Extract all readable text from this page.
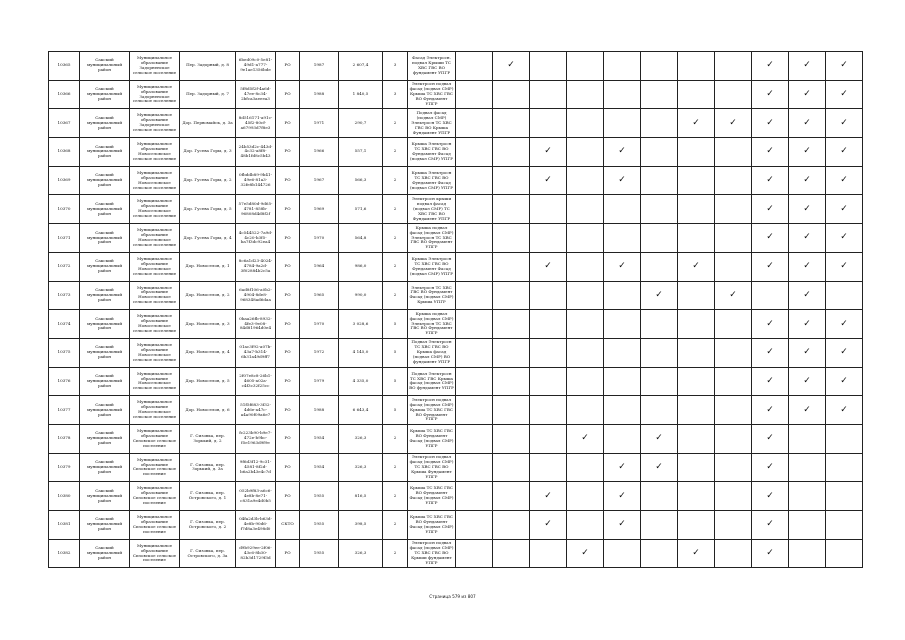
10365	Сакский муниципальный район	Муниципальное образование Задорненское сельское поселение	Пер. Задорный, д. 8	6bed09c0-5e81-49d1-a777-9e1ae1356bde	РО	1987	2 607,4	3	Фасад Электросн. подвал Крыши ТС ХВС ГВС ВО фундамент УПГР		✓							✓	✓	✓
10366	Сакский муниципальный район	Муниципальное образование Задорненское сельское поселение	Пер. Задорный, д. 7	5f8d5f2f-4a6d-47ee-8c34-2bfca3aeeea3	РО	1988	1 840,5	3	Электросн подвал фасад (подвал СМР) Крыша ТС ХВС ГВС ВО Фундамент УПГР									✓	✓	✓
10367	Сакский муниципальный район	Муниципальное образование Задорненское сельское поселение	Дор. Первомайск, д. 3а	8d516171-a91c-45f2-80cf-a67993d7f8e3	РО	1971	290,7	2	Подвал фасад (подвал СМР) Электросн ТС ХВС ГВС ВО Крыша Фундамент УПГР							✓	✓	✓	✓	✓
10368	Сакский муниципальный район	Муниципальное образование Новоселовское сельское поселение	Дор. Гусева Горы, д. 3	24b53d2c-443d-4c32-a8f8-48b1fd8c5b43	РО	1966	557,1	2	Крыша Электросн ТС ХВС ГВС ВО Фундамент Фасад (подвал СМР) УПГР			✓		✓				✓	✓	✓
10369	Сакский муниципальный район	Муниципальное образование Новоселовское сельское поселение	Дор. Гусева Горы, д. 2	0fbddb89-9b41-49e6-81a3-32fe8b144726	РО	1967	566,3	2	Крыша Электросн ТС ХВС ГВС ВО Фундамент Фасад (подвал СМР) УПГР			✓		✓				✓	✓	✓
10370	Сакский муниципальный район	Муниципальное образование Новоселовское сельское поселение	Дор. Гусева Горы, д. 5	57e5d80d-9d65-4781-858b-96808d4d8f2f	РО	1969	571,6	2	Электросн крыши подвал фасад (подвал СМР) ТС ХВС ГВС ВО Фундамент УПГР									✓	✓	✓
10371	Сакский муниципальный район	Муниципальное образование Новоселовское сельское поселение	Дор. Гусева Горы, д. 4	4c544522-7a9d-4c20-b3f5-ba7f3dc92ea4	РО	1970	564,8	2	Крыша подвал фасад (подвал СМР) Электросн ТС ХВС ГВС ВО Фундамент УПГР									✓	✓	✓
10372	Сакский муниципальный район	Муниципальное образование Новоселовское сельское поселение	Дор. Новоселов, д. 1	8c6a1d23-4024-4784-9a2d-3f02884b2c5a	РО	1964	986,0	2	Крыша Электросн ТС ХВС ГВС ВО Фундамент Фасад (подвал СМР) УПГР			✓		✓		✓		✓	✓	✓
10373	Сакский муниципальный район	Муниципальное образование Новоселовское сельское поселение	Дор. Новоселов, д. 2	6ad8f106-a0b2-4904-8de8-968348ad6daa	РО	1965	990,0	2	Электросн ТС ХВС ГВС ВО Фундамент Фасад (подвал СМР) Крыша УПГР						✓		✓		✓	
10374	Сакский муниципальный район	Муниципальное образование Новоселовское сельское поселение	Дор. Новоселов, д. 3	0baa26fb-8932-4fe3-9e08-84d81964d0e4	РО	1970	3 028,6	5	Крыша подвал фасад (подвал СМР) Электросн ТС ХВС ГВС ВО Фундамент УПГР									✓	✓	✓
10375	Сакский муниципальный район	Муниципальное образование Новоселовское сельское поселение	Дор. Новоселов, д. 4	01ac3f92-a07b-43a7-b314-6b31a49d9ff7	РО	1972	4 145,0	5	Подвал Электросн ТС ХВС ГВС ВО Крыша фасад (подвал СМР) ВО фундамент УПГР									✓	✓	✓
10376	Сакский муниципальный район	Муниципальное образование Новоселовское сельское поселение	Дор. Новоселов, д. 5	2f07e8c8-26b1-4605-a02a-c4f3c32f25cc	РО	1979	4 335,0	5	Подвал Электросн ТС ХВС ГВС Крыша фасад (подвал СМР) ВО фундамент УПГР									✓	✓	✓
10377	Сакский муниципальный район	Муниципальное образование Новоселовское сельское поселение	Дор. Новоселов, д. 6	51f5f683-3f32-4d6e-a47c-a4a90f09a6e7	РО	1988	6 643,4	5	Электросн подвал фасад (подвал СМР) Крыша ТС ХВС ГВС ВО Фундамент УПГР									✓	✓	✓
10378	Сакский муниципальный район	Муниципальное образование Сизовское сельское поселение	Г. Сизовка, пер. Зорький, д. 2	fc223b90-b9e7-472e-b9bc-f5e1963d9f9e	РО	1954	326,3	2	Крыша ТС ХВС ГВС ВО Фундамент Фасад (подвал СМР) УПГР				✓		✓			✓		
10379	Сакский муниципальный район	Муниципальное образование Сизовское сельское поселение	Г. Сизовка, пер. Зорький, д. 3а	9f6d3f12-9c31-4581-8f2d-b6a2b43e4c7d	РО	1954	326,3	2	Электросн подвал фасад (подвал СМР) ТС ХВС ГВС ВО Крыша Фундамент УПГР					✓	✓			✓		
10380	Сакский муниципальный район	Муниципальное образование Сизовское сельское поселение	Г. Сизовка, пер. Островского, д. 1	052b9f83-a6c6-4e8b-8e71-c831a9e4d0b5	РО	1955	816,5	2	Крыша ТС ХВС ГВС ВО Фундамент Фасад (подвал СМР) УПГР			✓		✓				✓		
10381	Сакский муниципальный район	Муниципальное образование Сизовское сельское поселение	Г. Сизовка, пер. Островского, д. 2	04fa2d3b-b63d-4e8b-90d6-f7d8a3e498d0	СКТО	1955	398,5	2	Крыша ТС ХВС ГВС ВО Фундамент Фасад (подвал СМР) УПГР			✓		✓				✓		
10382	Сакский муниципальный район	Муниципальное образование Сизовское сельское поселение	Г. Сизовка, пер. Островского, д. 3а	d9b929ee-2f06-43c6-8b30-82b3d1729f3d	РО	1955	326,3	2	Электросн подвал фасад (подвал СМР) ТС ХВС ГВС ВО Крыши фундамент УПГР				✓			✓		✓		
Страница 579 из 807
